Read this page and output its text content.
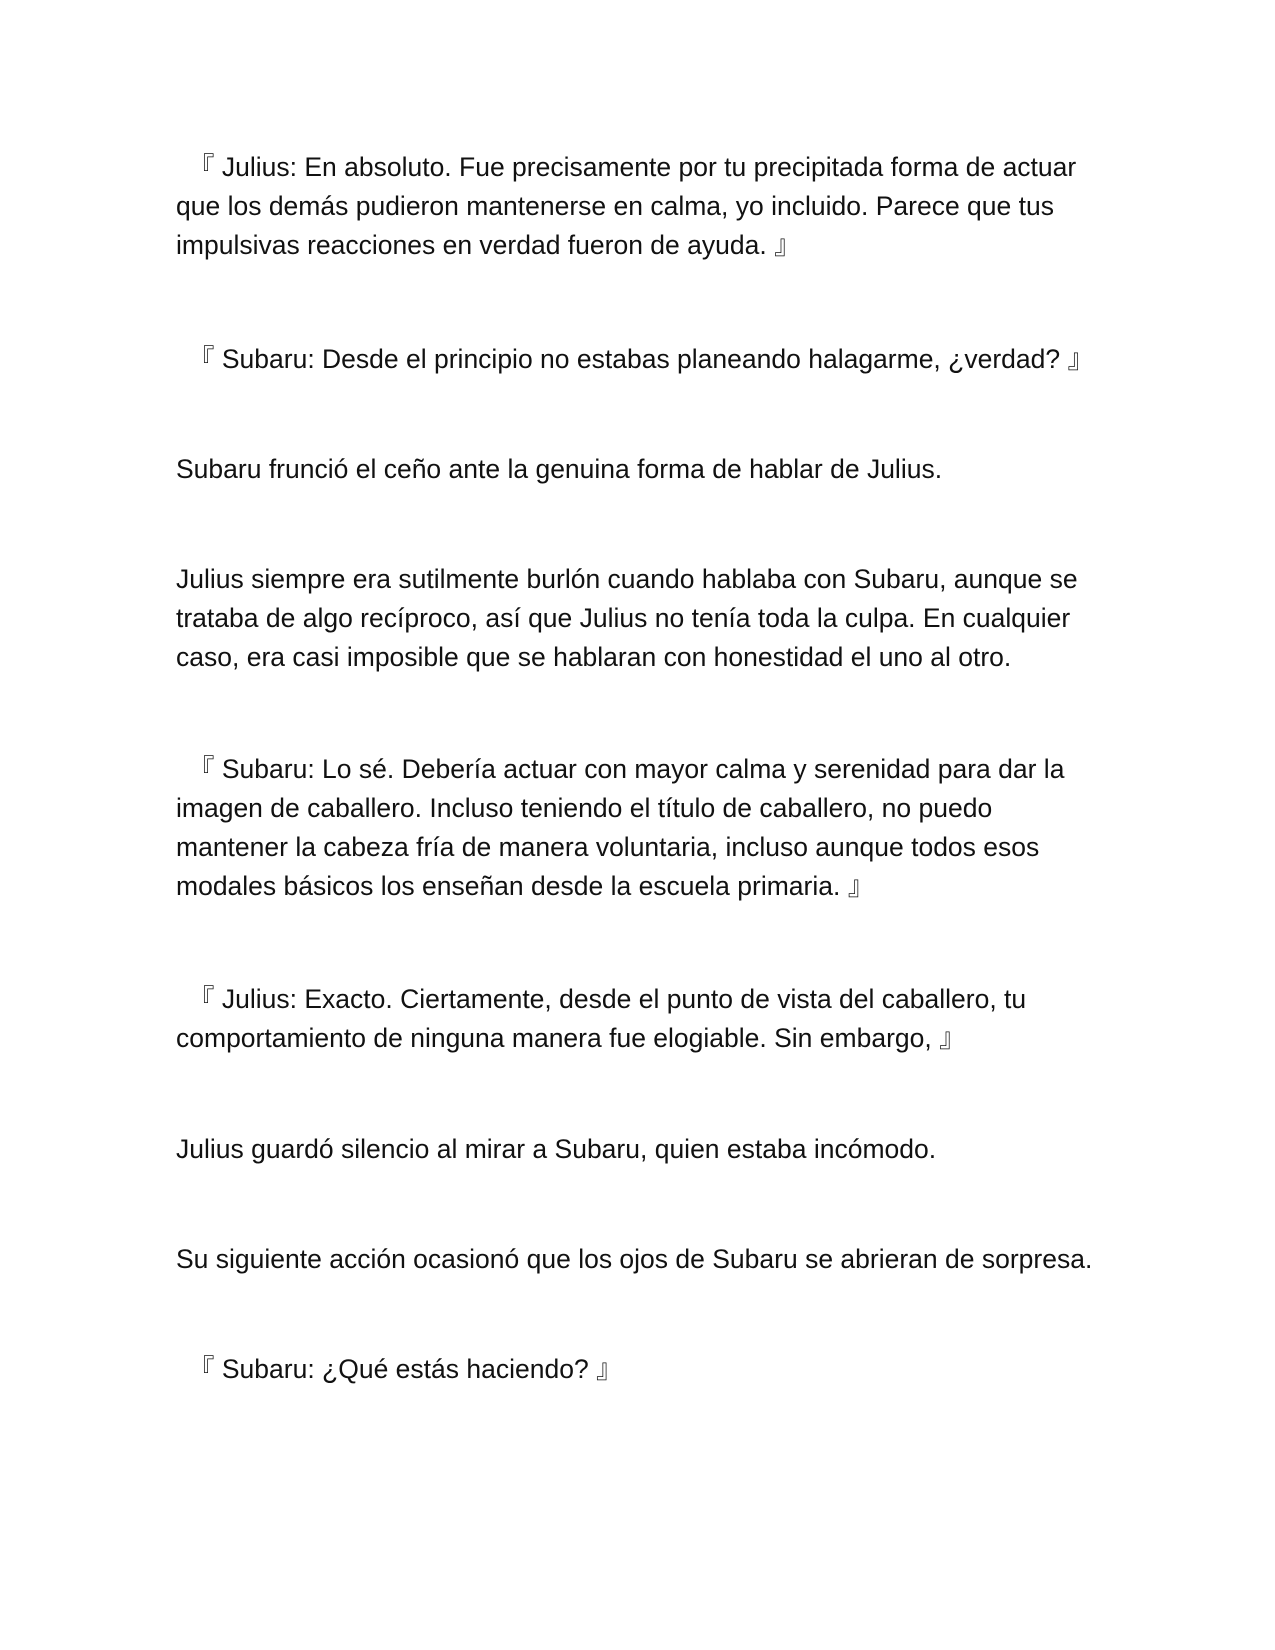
『 Julius: En absoluto. Fue precisamente por tu precipitada forma de actuar que los demás pudieron mantenerse en calma, yo incluido. Parece que tus impulsivas reacciones en verdad fueron de ayuda. 』

『 Subaru: Desde el principio no estabas planeando halagarme, ¿verdad? 』

Subaru frunció el ceño ante la genuina forma de hablar de Julius.

Julius siempre era sutilmente burlón cuando hablaba con Subaru, aunque se trataba de algo recíproco, así que Julius no tenía toda la culpa. En cualquier caso, era casi imposible que se hablaran con honestidad el uno al otro.

『 Subaru: Lo sé. Debería actuar con mayor calma y serenidad para dar la imagen de caballero. Incluso teniendo el título de caballero, no puedo mantener la cabeza fría de manera voluntaria, incluso aunque todos esos modales básicos los enseñan desde la escuela primaria. 』

『 Julius: Exacto. Ciertamente, desde el punto de vista del caballero, tu comportamiento de ninguna manera fue elogiable. Sin embargo, 』

Julius guardó silencio al mirar a Subaru, quien estaba incómodo.

Su siguiente acción ocasionó que los ojos de Subaru se abrieran de sorpresa.

『 Subaru: ¿Qué estás haciendo? 』
